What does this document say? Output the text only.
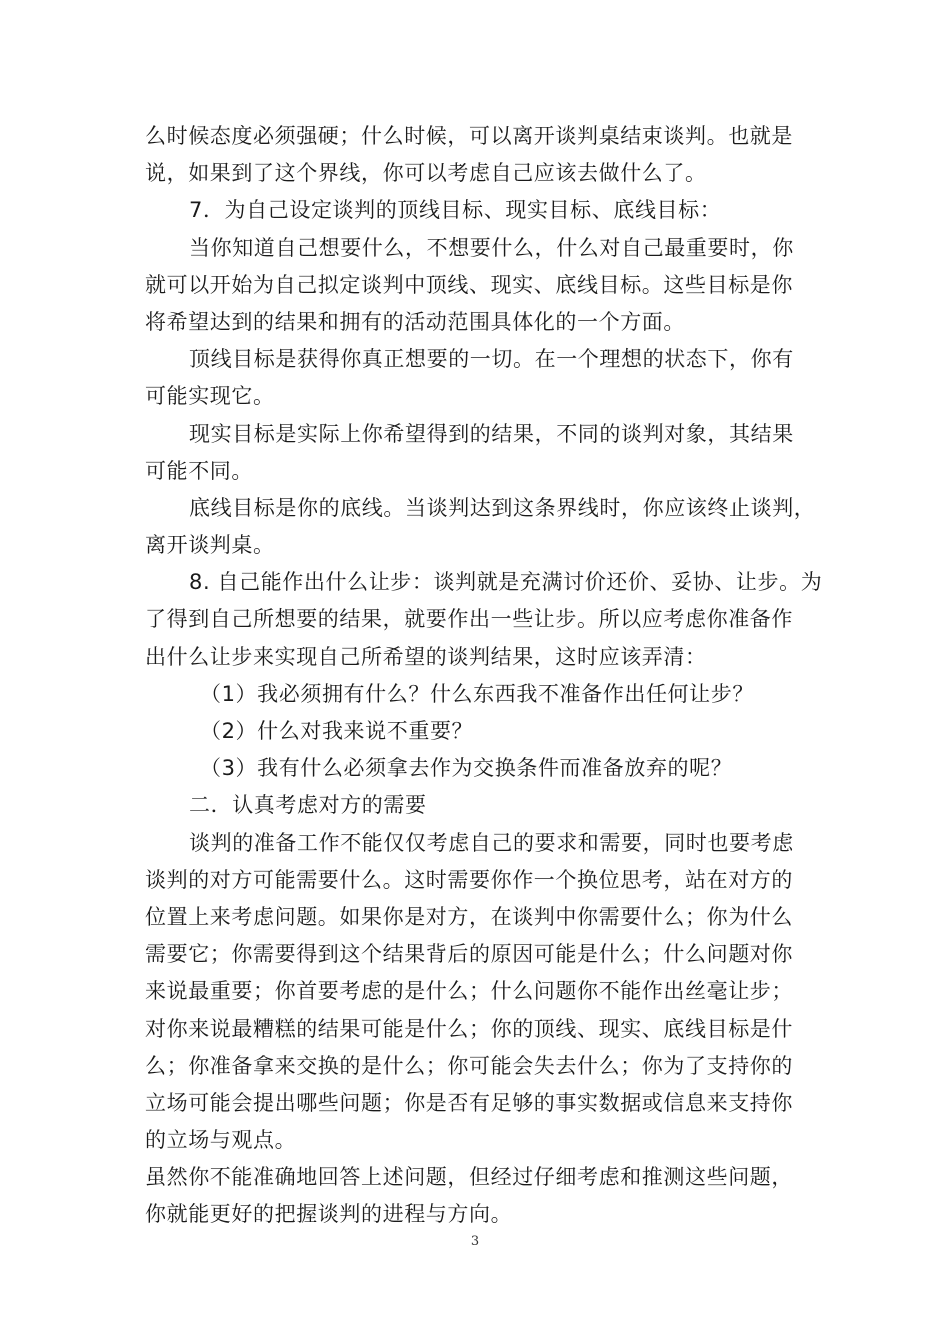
么时候态度必须强硬；什么时候，可以离开谈判桌结束谈判。也就是
说，如果到了这个界线，你可以考虑自己应该去做什么了。
7．为自己设定谈判的顶线目标、现实目标、底线目标：
当你知道自己想要什么，不想要什么，什么对自己最重要时，你
就可以开始为自己拟定谈判中顶线、现实、底线目标。这些目标是你
将希望达到的结果和拥有的活动范围具体化的一个方面。
顶线目标是获得你真正想要的一切。在一个理想的状态下，你有
可能实现它。
现实目标是实际上你希望得到的结果，不同的谈判对象，其结果
可能不同。
底线目标是你的底线。当谈判达到这条界线时，你应该终止谈判，
离开谈判桌。
8. 自己能作出什么让步：谈判就是充满讨价还价、妥协、让步。为
了得到自己所想要的结果，就要作出一些让步。所以应考虑你准备作
出什么让步来实现自己所希望的谈判结果，这时应该弄清：
（1）我必须拥有什么？什么东西我不准备作出任何让步？
（2）什么对我来说不重要？
（3）我有什么必须拿去作为交换条件而准备放弃的呢？
二．认真考虑对方的需要
谈判的准备工作不能仅仅考虑自己的要求和需要，同时也要考虑
谈判的对方可能需要什么。这时需要你作一个换位思考，站在对方的
位置上来考虑问题。如果你是对方，在谈判中你需要什么；你为什么
需要它；你需要得到这个结果背后的原因可能是什么；什么问题对你
来说最重要；你首要考虑的是什么；什么问题你不能作出丝毫让步；
对你来说最糟糕的结果可能是什么；你的顶线、现实、底线目标是什
么；你准备拿来交换的是什么；你可能会失去什么；你为了支持你的
立场可能会提出哪些问题；你是否有足够的事实数据或信息来支持你
的立场与观点。
虽然你不能准确地回答上述问题，但经过仔细考虑和推测这些问题，
你就能更好的把握谈判的进程与方向。
3
